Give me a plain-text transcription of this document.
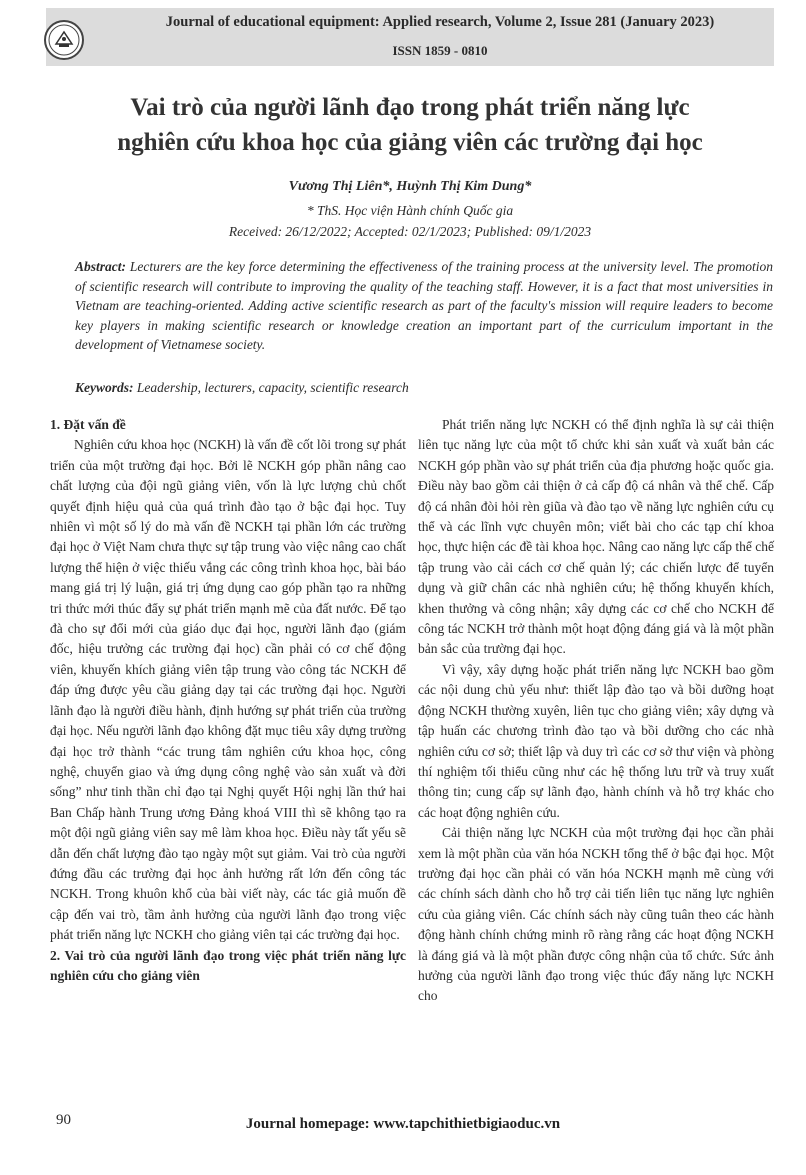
Journal of educational equipment: Applied research, Volume 2, Issue 281 (January 2023)
ISSN 1859 - 0810
Vai trò của người lãnh đạo trong phát triển năng lực
nghiên cứu khoa học của giảng viên các trường đại học
Vương Thị Liên*, Huỳnh Thị Kim Dung*
* ThS. Học viện Hành chính Quốc gia
Received: 26/12/2022; Accepted: 02/1/2023; Published: 09/1/2023

Abstract: Lecturers are the key force determining the effectiveness of the training process at the university level. The promotion of scientific research will contribute to improving the quality of the teaching staff. However, it is a fact that most universities in Vietnam are teaching-oriented. Adding active scientific research as part of the faculty's mission will require leaders to become key players in making scientific research or knowledge creation an important part of the curriculum important in the development of Vietnamese society.

Keywords: Leadership, lecturers, capacity, scientific research

1. Đặt vấn đề

Nghiên cứu khoa học (NCKH) là vấn đề cốt lõi trong sự phát triển của một trường đại học. Bởi lẽ NCKH góp phần nâng cao chất lượng của đội ngũ giảng viên, vốn là lực lượng chủ chốt quyết định hiệu quả của quá trình đào tạo ở bậc đại học. Tuy nhiên vì một số lý do mà vấn đề NCKH tại phần lớn các trường đại học ở Việt Nam chưa thực sự tập trung vào việc nâng cao chất lượng thể hiện ở việc thiếu vắng các công trình khoa học, bài báo mang giá trị lý luận, giá trị ứng dụng cao góp phần tạo ra những tri thức mới thúc đẩy sự phát triển mạnh mẽ của đất nước. Để tạo đà cho sự đổi mới của giáo dục đại học, người lãnh đạo (giám đốc, hiệu trưởng các trường đại học) cần phải có cơ chế động viên, khuyến khích giảng viên tập trung vào công tác NCKH để đáp ứng được yêu cầu giảng dạy tại các trường đại học. Người lãnh đạo là người điều hành, định hướng sự phát triển của trường đại học. Nếu người lãnh đạo không đặt mục tiêu xây dựng trường đại học trở thành “các trung tâm nghiên cứu khoa học, công nghệ, chuyển giao và ứng dụng công nghệ vào sản xuất và đời sống” như tinh thần chỉ đạo tại Nghị quyết Hội nghị lần thứ hai Ban Chấp hành Trung ương Đảng khoá VIII thì sẽ không tạo ra một đội ngũ giảng viên say mê làm khoa học. Điều này tất yếu sẽ dẫn đến chất lượng đào tạo ngày một sụt giảm. Vai trò của người đứng đầu các trường đại học ảnh hưởng rất lớn đến công tác NCKH. Trong khuôn khổ của bài viết này, các tác giả muốn đề cập đến vai trò, tầm ảnh hưởng của người lãnh đạo trong việc phát triển năng lực NCKH cho giảng viên tại các trường đại học.

2. Vai trò của người lãnh đạo trong việc phát triển năng lực nghiên cứu cho giảng viên

Phát triển năng lực NCKH có thể định nghĩa là sự cải thiện liên tục năng lực của một tổ chức khi sản xuất và xuất bản các NCKH góp phần vào sự phát triển của địa phương hoặc quốc gia. Điều này bao gồm cải thiện ở cả cấp độ cá nhân và thể chế. Cấp độ cá nhân đòi hỏi rèn giũa và đào tạo về năng lực nghiên cứu cụ thể và các lĩnh vực chuyên môn; viết bài cho các tạp chí khoa học, thực hiện các đề tài khoa học. Nâng cao năng lực cấp thể chế tập trung vào cải cách cơ chế quản lý; các chiến lược để tuyển dụng và giữ chân các nhà nghiên cứu; hệ thống khuyến khích, khen thưởng và công nhận; xây dựng các cơ chế cho NCKH để công tác NCKH trở thành một hoạt động đáng giá và là một phần bản sắc của trường đại học.

Vì vậy, xây dựng hoặc phát triển năng lực NCKH bao gồm các nội dung chủ yếu như: thiết lập đào tạo và bồi dưỡng hoạt động NCKH thường xuyên, liên tục cho giảng viên; xây dựng và tập huấn các chương trình đào tạo và bồi dưỡng cho các nhà nghiên cứu cơ sở; thiết lập và duy trì các cơ sở thư viện và phòng thí nghiệm tối thiểu cũng như các hệ thống lưu trữ và truy xuất thông tin; cung cấp sự lãnh đạo, hành chính và hỗ trợ khác cho các hoạt động nghiên cứu.

Cải thiện năng lực NCKH của một trường đại học cần phải xem là một phần của văn hóa NCKH tổng thể ở bậc đại học. Một trường đại học cần phải có văn hóa NCKH mạnh mẽ cùng với các chính sách dành cho hỗ trợ cải tiến liên tục năng lực nghiên cứu của giảng viên. Các chính sách này cũng tuân theo các hành động hành chính chứng minh rõ ràng rằng các hoạt động NCKH là đáng giá và là một phần được công nhận của tổ chức. Sức ảnh hưởng của người lãnh đạo trong việc thúc đẩy năng lực NCKH cho

90	Journal homepage: www.tapchithietbigiaoduc.vn
